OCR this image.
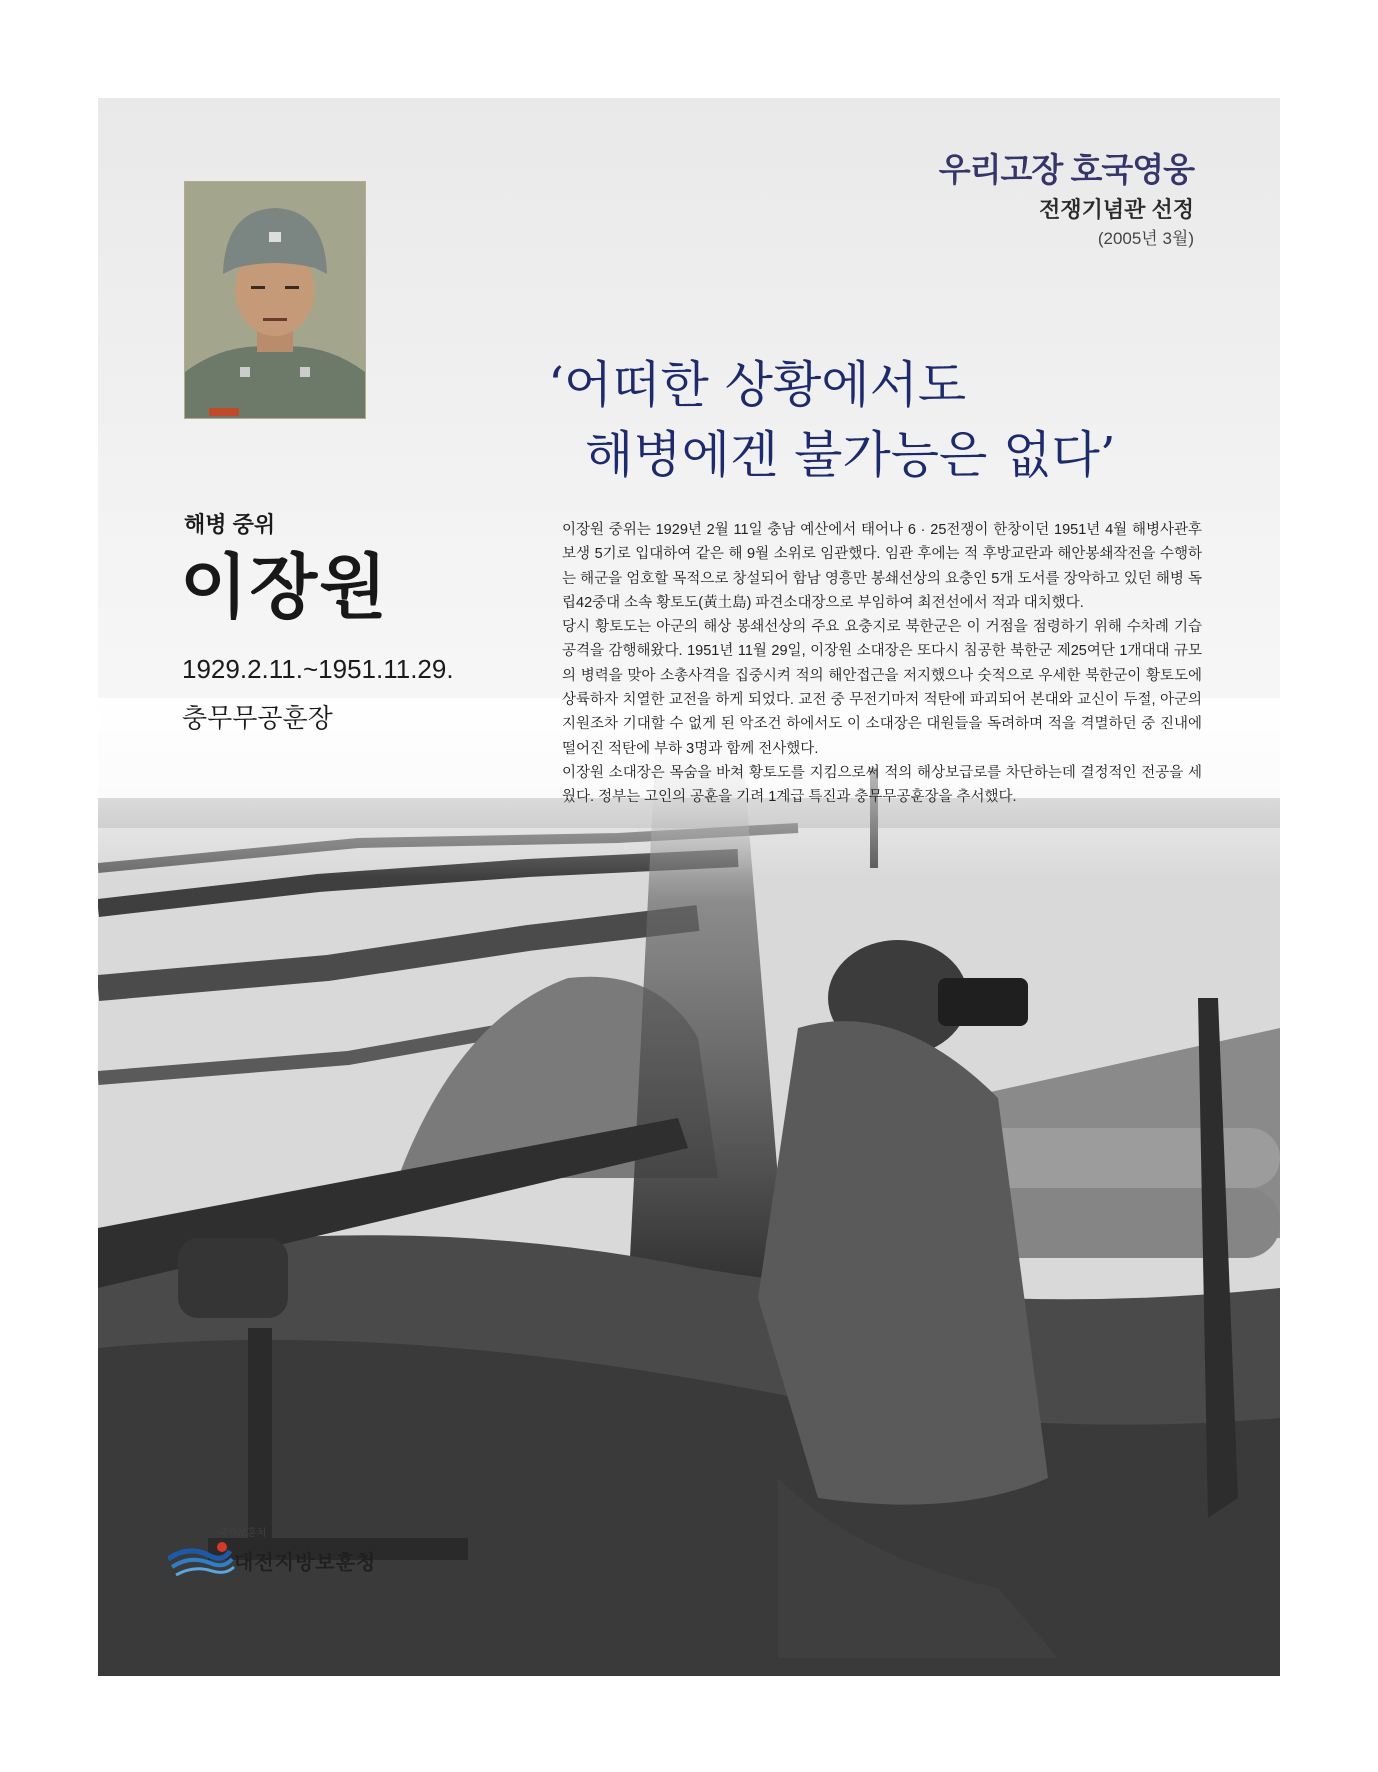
우리고장 호국영웅
전쟁기념관 선정
(2005년 3월)
‘어떠한 상황에서도
해병에겐 불가능은 없다’
해병 중위
이장원
1929.2.11.~1951.11.29.
충무무공훈장

이장원 중위는 1929년 2월 11일 충남 예산에서 태어나 6 · 25전쟁이 한창이던 1951년 4월 해병사관후보생 5기로 입대하여 같은 해 9월 소위로 임관했다. 임관 후에는 적 후방교란과 해안봉쇄작전을 수행하는 해군을 엄호할 목적으로 창설되어 함남 영흥만 봉쇄선상의 요충인 5개 도서를 장악하고 있던 해병 독립42중대 소속 황토도(黃土島) 파견소대장으로 부임하여 최전선에서 적과 대치했다.

당시 황토도는 아군의 해상 봉쇄선상의 주요 요충지로 북한군은 이 거점을 점령하기 위해 수차례 기습공격을 감행해왔다. 1951년 11월 29일, 이장원 소대장은 또다시 침공한 북한군 제25여단 1개대대 규모의 병력을 맞아 소총사격을 집중시켜 적의 해안접근을 저지했으나 숫적으로 우세한 북한군이 황토도에 상륙하자 치열한 교전을 하게 되었다. 교전 중 무전기마저 적탄에 파괴되어 본대와 교신이 두절, 아군의 지원조차 기대할 수 없게 된 악조건 하에서도 이 소대장은 대원들을 독려하며 적을 격멸하던 중 진내에 떨어진 적탄에 부하 3명과 함께 전사했다.

이장원 소대장은 목숨을 바쳐 황토도를 지킴으로써 적의 해상보급로를 차단하는데 결정적인 전공을 세웠다. 정부는 고인의 공훈을 기려 1계급 특진과 충무무공훈장을 추서했다.

국가보훈처
대전지방보훈청
